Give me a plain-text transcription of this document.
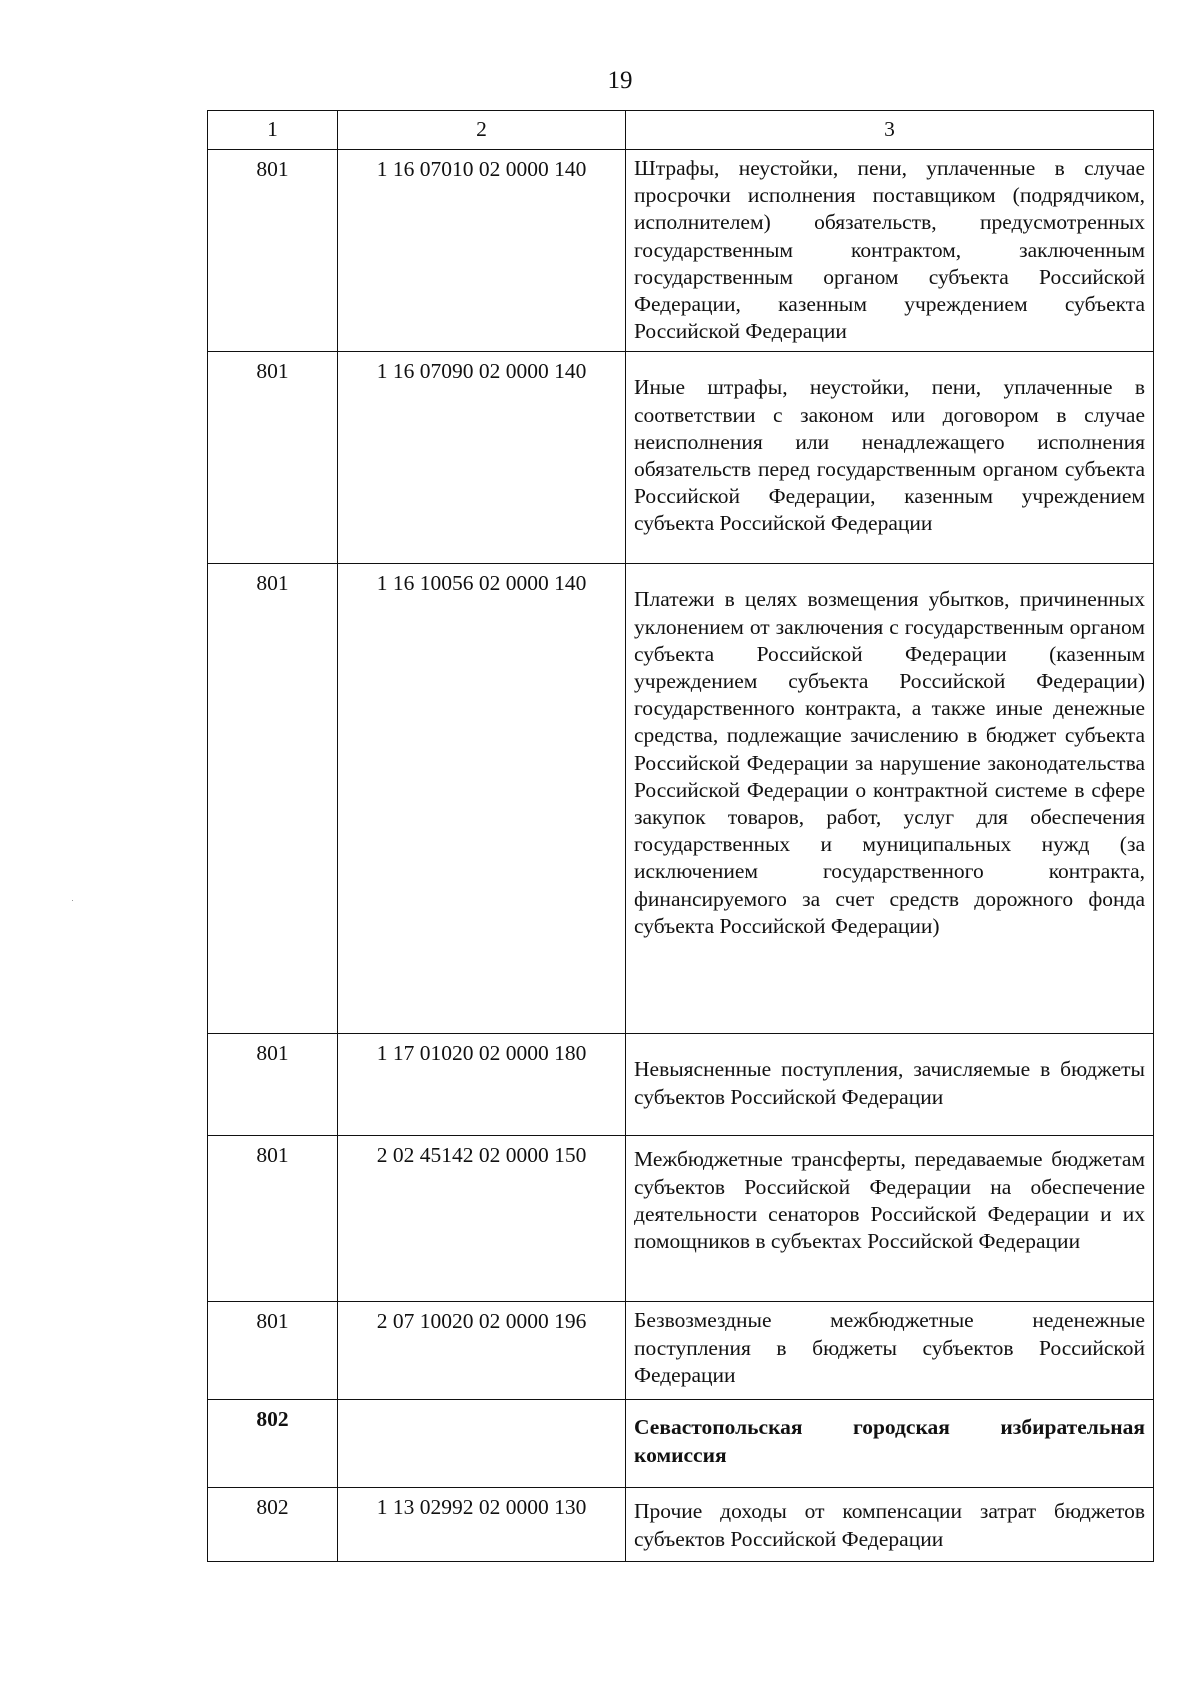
19
1	2	3
801	1 16 07010 02 0000 140	Штрафы, неустойки, пени, уплаченные в случае просрочки исполнения поставщиком (подрядчиком, исполнителем) обязательств, предусмотренных государственным контрактом, заключенным государственным органом субъекта Российской Федерации, казенным учреждением субъекта Российской Федерации
801	1 16 07090 02 0000 140	Иные штрафы, неустойки, пени, уплаченные в соответствии с законом или договором в случае неисполнения или ненадлежащего исполнения обязательств перед государственным органом субъекта Российской Федерации, казенным учреждением субъекта Российской Федерации
801	1 16 10056 02 0000 140	Платежи в целях возмещения убытков, причиненных уклонением от заключения с государственным органом субъекта Российской Федерации (казенным учреждением субъекта Российской Федерации) государственного контракта, а также иные денежные средства, подлежащие зачислению в бюджет субъекта Российской Федерации за нарушение законодательства Российской Федерации о контрактной системе в сфере закупок товаров, работ, услуг для обеспечения государственных и муниципальных нужд (за исключением государственного контракта, финансируемого за счет средств дорожного фонда субъекта Российской Федерации)
801	1 17 01020 02 0000 180	Невыясненные поступления, зачисляемые в бюджеты субъектов Российской Федерации
801	2 02 45142 02 0000 150	Межбюджетные трансферты, передаваемые бюджетам субъектов Российской Федерации на обеспечение деятельности сенаторов Российской Федерации и их помощников в субъектах Российской Федерации
801	2 07 10020 02 0000 196	Безвозмездные межбюджетные неденежные поступления в бюджеты субъектов Российской Федерации
802		Севастопольская городская избирательная комиссия
802	1 13 02992 02 0000 130	Прочие доходы от компенсации затрат бюджетов субъектов Российской Федерации
